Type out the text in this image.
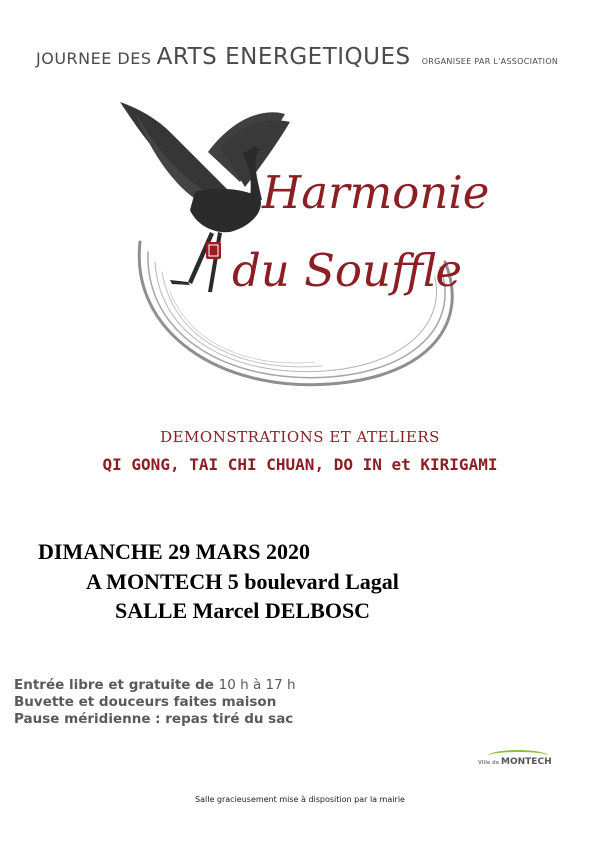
JOURNEE DES ARTS ENERGETIQUES ORGANISEE PAR L'ASSOCIATION
Harmonie
du Souffle
DEMONSTRATIONS ET ATELIERS
QI GONG, TAI CHI CHUAN, DO IN et KIRIGAMI
DIMANCHE 29 MARS 2020
A MONTECH 5 boulevard Lagal
SALLE Marcel DELBOSC
Entrée libre et gratuite de 10 h à 17 h
Buvette et douceurs faites maison
Pause méridienne : repas tiré du sac
Ville de MONTECH
Salle gracieusement mise à disposition par la mairie
